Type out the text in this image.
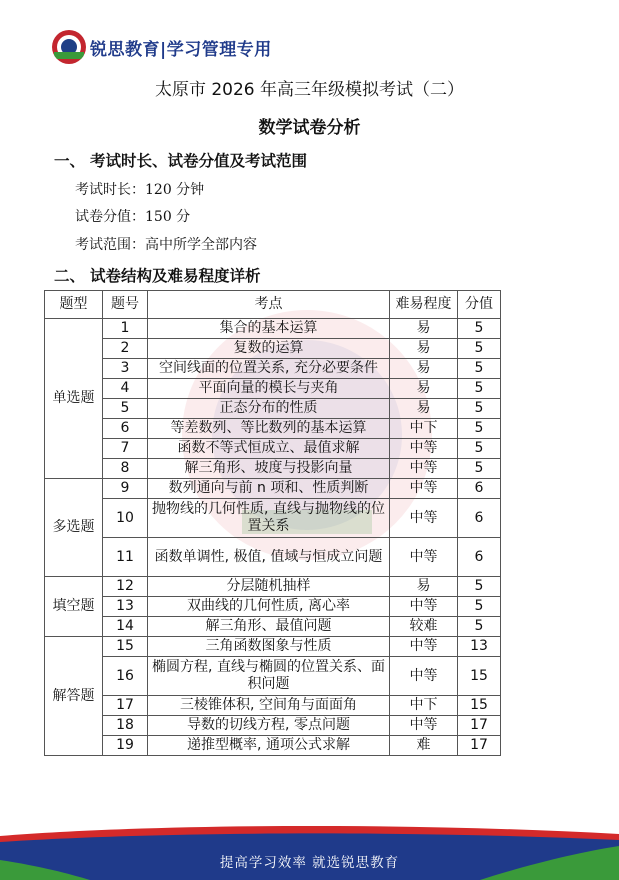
锐思教育|学习管理专用
太原市 2026 年高三年级模拟考试（二）
数学试卷分析
一、 考试时长、试卷分值及考试范围
考试时长：120 分钟
试卷分值：150 分
考试范围：高中所学全部内容
二、 试卷结构及难易程度详析
题型	题号	考点	难易程度	分值
单选题	1	集合的基本运算	易	5
	2	复数的运算	易	5
	3	空间线面的位置关系, 充分必要条件	易	5
	4	平面向量的模长与夹角	易	5
	5	正态分布的性质	易	5
	6	等差数列、等比数列的基本运算	中下	5
	7	函数不等式恒成立、最值求解	中等	5
	8	解三角形、坡度与投影向量	中等	5
多选题	9	数列通向与前 n 项和、性质判断	中等	6
	10	抛物线的几何性质, 直线与抛物线的位置关系	中等	6
	11	函数单调性, 极值, 值域与恒成立问题	中等	6
填空题	12	分层随机抽样	易	5
	13	双曲线的几何性质, 离心率	中等	5
	14	解三角形、最值问题	较难	5
解答题	15	三角函数图象与性质	中等	13
	16	椭圆方程, 直线与椭圆的位置关系、面积问题	中等	15
	17	三棱锥体积, 空间角与面面角	中下	15
	18	导数的切线方程, 零点问题	中等	17
	19	递推型概率, 通项公式求解	难	17
提高学习效率 就选锐思教育
